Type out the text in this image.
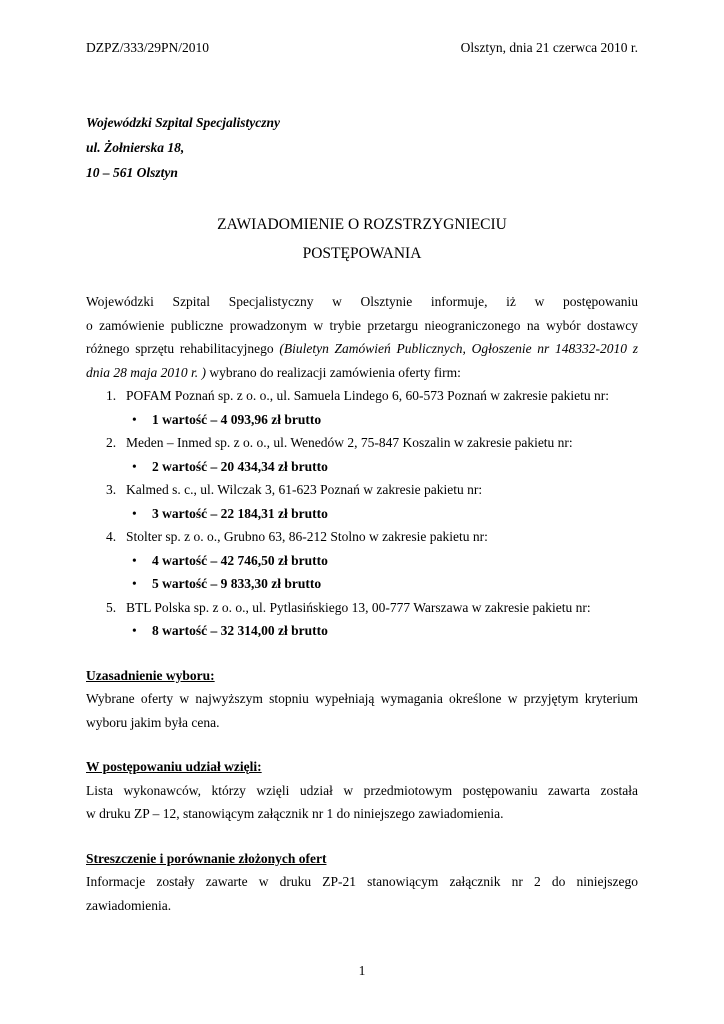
DZPZ/333/29PN/2010	Olsztyn, dnia 21 czerwca 2010 r.
Wojewódzki Szpital Specjalistyczny
ul. Żołnierska 18,
10 – 561 Olsztyn
ZAWIADOMIENIE O ROZSTRZYGNIECIU
POSTĘPOWANIA
Wojewódzki Szpital Specjalistyczny w Olsztynie informuje, iż w postępowaniu
o zamówienie publiczne prowadzonym w trybie przetargu nieograniczonego na wybór dostawcy
różnego sprzętu rehabilitacyjnego (Biuletyn Zamówień Publicznych, Ogłoszenie nr 148332-2010 z
dnia 28 maja 2010 r. ) wybrano do realizacji zamówienia oferty firm:
1. POFAM Poznań sp. z o. o., ul. Samuela Lindego 6, 60-573 Poznań w zakresie pakietu nr:
• 1 wartość – 4 093,96 zł brutto
2. Meden – Inmed sp. z o. o., ul. Wenedów 2, 75-847 Koszalin w zakresie pakietu nr:
• 2 wartość – 20 434,34 zł brutto
3. Kalmed s. c., ul. Wilczak 3, 61-623 Poznań w zakresie pakietu nr:
• 3 wartość – 22 184,31 zł brutto
4. Stolter sp. z o. o., Grubno 63, 86-212 Stolno w zakresie pakietu nr:
• 4 wartość – 42 746,50 zł brutto
• 5 wartość – 9 833,30 zł brutto
5. BTL Polska sp. z o. o., ul. Pytlasińskiego 13, 00-777 Warszawa w zakresie pakietu nr:
• 8 wartość – 32 314,00 zł brutto
Uzasadnienie wyboru:
Wybrane oferty w najwyższym stopniu wypełniają wymagania określone w przyjętym kryterium
wyboru jakim była cena.
W postępowaniu udział wzięli:
Lista wykonawców, którzy wzięli udział w przedmiotowym postępowaniu zawarta została
w druku ZP – 12, stanowiącym załącznik nr 1 do niniejszego zawiadomienia.
Streszczenie i porównanie złożonych ofert
Informacje zostały zawarte w druku ZP-21 stanowiącym załącznik nr 2 do niniejszego zawiadomienia.
1
